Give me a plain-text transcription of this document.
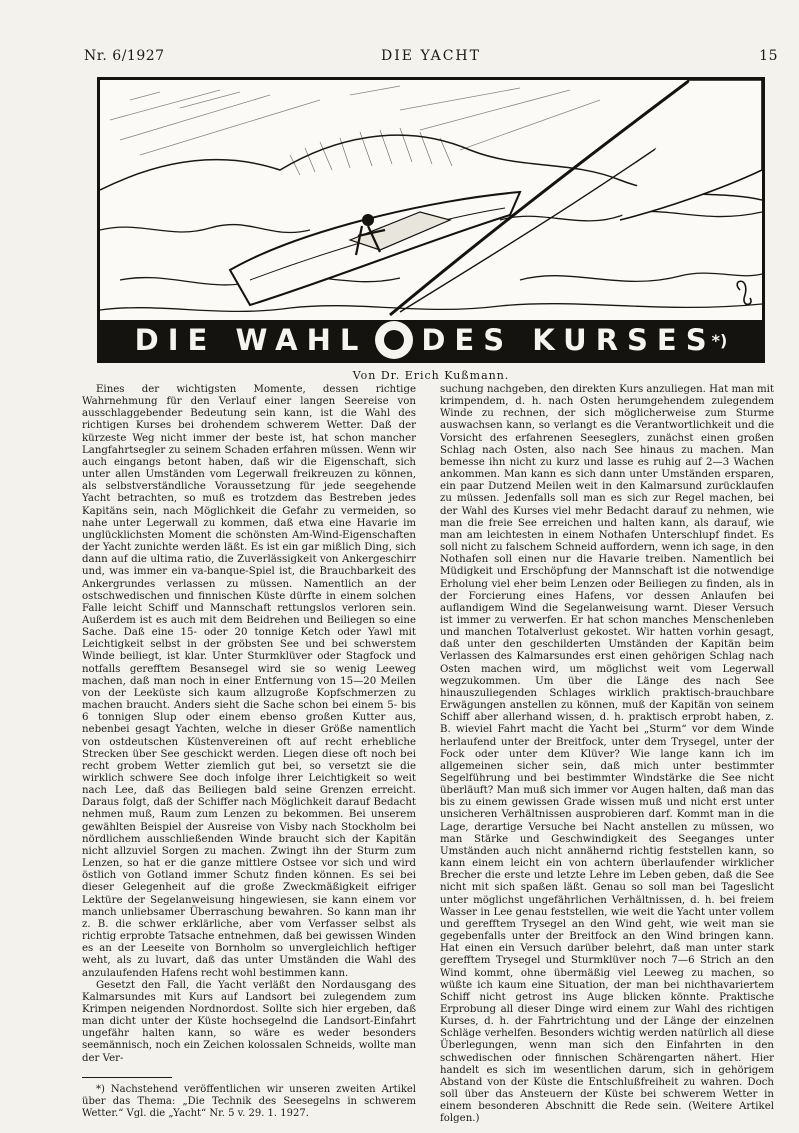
Nr. 6/1927	DIE YACHT	15
DIE WAHL DES KURSES
*)
Von Dr. Erich Kußmann.

Eines der wichtigsten Momente, dessen richtige Wahrnehmung für den Verlauf einer langen Seereise von ausschlaggebender Bedeutung sein kann, ist die Wahl des richtigen Kurses bei drohendem schwerem Wetter. Daß der kürzeste Weg nicht immer der beste ist, hat schon mancher Langfahrtsegler zu seinem Schaden erfahren müssen. Wenn wir auch eingangs betont haben, daß wir die Eigenschaft, sich unter allen Umständen vom Legerwall freikreuzen zu können, als selbstverständliche Voraussetzung für jede seegehende Yacht betrachten, so muß es trotzdem das Bestreben jedes Kapitäns sein, nach Möglichkeit die Gefahr zu vermeiden, so nahe unter Legerwall zu kommen, daß etwa eine Havarie im unglücklichsten Moment die schönsten Am-Wind-Eigenschaften der Yacht zunichte werden läßt. Es ist ein gar mißlich Ding, sich dann auf die ultima ratio, die Zuverlässigkeit von Ankergeschirr und, was immer ein va-banque-Spiel ist, die Brauchbarkeit des Ankergrundes verlassen zu müssen. Namentlich an der ostschwedischen und finnischen Küste dürfte in einem solchen Falle leicht Schiff und Mannschaft rettungslos verloren sein. Außerdem ist es auch mit dem Beidrehen und Beiliegen so eine Sache. Daß eine 15- oder 20 tonnige Ketch oder Yawl mit Leichtigkeit selbst in der gröbsten See und bei schwerstem Winde beiliegt, ist klar. Unter Sturmklüver oder Stagfock und notfalls gerefftem Besansegel wird sie so wenig Leeweg machen, daß man noch in einer Entfernung von 15—20 Meilen von der Leeküste sich kaum allzugroße Kopfschmerzen zu machen braucht. Anders sieht die Sache schon bei einem 5- bis 6 tonnigen Slup oder einem ebenso großen Kutter aus, nebenbei gesagt Yachten, welche in dieser Größe namentlich von ostdeutschen Küstenvereinen oft auf recht erhebliche Strecken über See geschickt werden. Liegen diese oft noch bei recht grobem Wetter ziemlich gut bei, so versetzt sie die wirklich schwere See doch infolge ihrer Leichtigkeit so weit nach Lee, daß das Beiliegen bald seine Grenzen erreicht. Daraus folgt, daß der Schiffer nach Möglichkeit darauf Bedacht nehmen muß, Raum zum Lenzen zu bekommen. Bei unserem gewählten Beispiel der Ausreise von Visby nach Stockholm bei nördlichem ausschließenden Winde braucht sich der Kapitän nicht allzuviel Sorgen zu machen. Zwingt ihn der Sturm zum Lenzen, so hat er die ganze mittlere Ostsee vor sich und wird östlich von Gotland immer Schutz finden können. Es sei bei dieser Gelegenheit auf die große Zweckmäßigkeit eifriger Lektüre der Segelanweisung hingewiesen, sie kann einem vor manch unliebsamer Überraschung bewahren. So kann man ihr z. B. die schwer erklärliche, aber vom Verfasser selbst als richtig erprobte Tatsache entnehmen, daß bei gewissen Winden es an der Leeseite von Bornholm so unvergleichlich heftiger weht, als zu luvart, daß das unter Umständen die Wahl des anzulaufenden Hafens recht wohl bestimmen kann.

Gesetzt den Fall, die Yacht verläßt den Nordausgang des Kalmarsundes mit Kurs auf Landsort bei zulegendem zum Krimpen neigenden Nordnordost. Sollte sich hier ergeben, daß man dicht unter der Küste hochsegelnd die Landsort-Einfahrt ungefähr halten kann, so wäre es weder besonders seemännisch, noch ein Zeichen kolossalen Schneids, wollte man der Ver-

*) Nachstehend veröffentlichen wir unseren zweiten Artikel über das Thema: „Die Technik des Seesegelns in schwerem Wetter.“ Vgl. die „Yacht“ Nr. 5 v. 29. 1. 1927.

suchung nachgeben, den direkten Kurs anzuliegen. Hat man mit krimpendem, d. h. nach Osten herumgehendem zulegendem Winde zu rechnen, der sich möglicherweise zum Sturme auswachsen kann, so verlangt es die Verantwortlichkeit und die Vorsicht des erfahrenen Seeseglers, zunächst einen großen Schlag nach Osten, also nach See hinaus zu machen. Man bemesse ihn nicht zu kurz und lasse es ruhig auf 2—3 Wachen ankommen. Man kann es sich dann unter Umständen ersparen, ein paar Dutzend Meilen weit in den Kalmarsund zurücklaufen zu müssen. Jedenfalls soll man es sich zur Regel machen, bei der Wahl des Kurses viel mehr Bedacht darauf zu nehmen, wie man die freie See erreichen und halten kann, als darauf, wie man am leichtesten in einem Nothafen Unterschlupf findet. Es soll nicht zu falschem Schneid auffordern, wenn ich sage, in den Nothafen soll einen nur die Havarie treiben. Namentlich bei Müdigkeit und Erschöpfung der Mannschaft ist die notwendige Erholung viel eher beim Lenzen oder Beiliegen zu finden, als in der Forcierung eines Hafens, vor dessen Anlaufen bei auflandigem Wind die Segelanweisung warnt. Dieser Versuch ist immer zu verwerfen. Er hat schon manches Menschenleben und manchen Totalverlust gekostet. Wir hatten vorhin gesagt, daß unter den geschilderten Umständen der Kapitän beim Verlassen des Kalmarsundes erst einen gehörigen Schlag nach Osten machen wird, um möglichst weit vom Legerwall wegzukommen. Um über die Länge des nach See hinauszuliegenden Schlages wirklich praktisch-brauchbare Erwägungen anstellen zu können, muß der Kapitän von seinem Schiff aber allerhand wissen, d. h. praktisch erprobt haben, z. B. wieviel Fahrt macht die Yacht bei „Sturm“ vor dem Winde herlaufend unter der Breitfock, unter dem Trysegel, unter der Fock oder unter dem Klüver? Wie lange kann ich im allgemeinen sicher sein, daß mich unter bestimmter Segelführung und bei bestimmter Windstärke die See nicht überläuft? Man muß sich immer vor Augen halten, daß man das bis zu einem gewissen Grade wissen muß und nicht erst unter unsicheren Verhältnissen ausprobieren darf. Kommt man in die Lage, derartige Versuche bei Nacht anstellen zu müssen, wo man Stärke und Geschwindigkeit des Seeganges unter Umständen auch nicht annähernd richtig feststellen kann, so kann einem leicht ein von achtern überlaufender wirklicher Brecher die erste und letzte Lehre im Leben geben, daß die See nicht mit sich spaßen läßt. Genau so soll man bei Tageslicht unter möglichst ungefährlichen Verhältnissen, d. h. bei freiem Wasser in Lee genau feststellen, wie weit die Yacht unter vollem und gerefftem Trysegel an den Wind geht, wie weit man sie gegebenfalls unter der Breitfock an den Wind bringen kann. Hat einen ein Versuch darüber belehrt, daß man unter stark gerefftem Trysegel und Sturmklüver noch 7—6 Strich an den Wind kommt, ohne übermäßig viel Leeweg zu machen, so wüßte ich kaum eine Situation, der man bei nichthavariertem Schiff nicht getrost ins Auge blicken könnte. Praktische Erprobung all dieser Dinge wird einem zur Wahl des richtigen Kurses, d. h. der Fahrtrichtung und der Länge der einzelnen Schläge verhelfen. Besonders wichtig werden natürlich all diese Überlegungen, wenn man sich den Einfahrten in den schwedischen oder finnischen Schärengarten nähert. Hier handelt es sich im wesentlichen darum, sich in gehörigem Abstand von der Küste die Entschlußfreiheit zu wahren. Doch soll über das Ansteuern der Küste bei schwerem Wetter in einem besonderen Abschnitt die Rede sein. (Weitere Artikel folgen.)
